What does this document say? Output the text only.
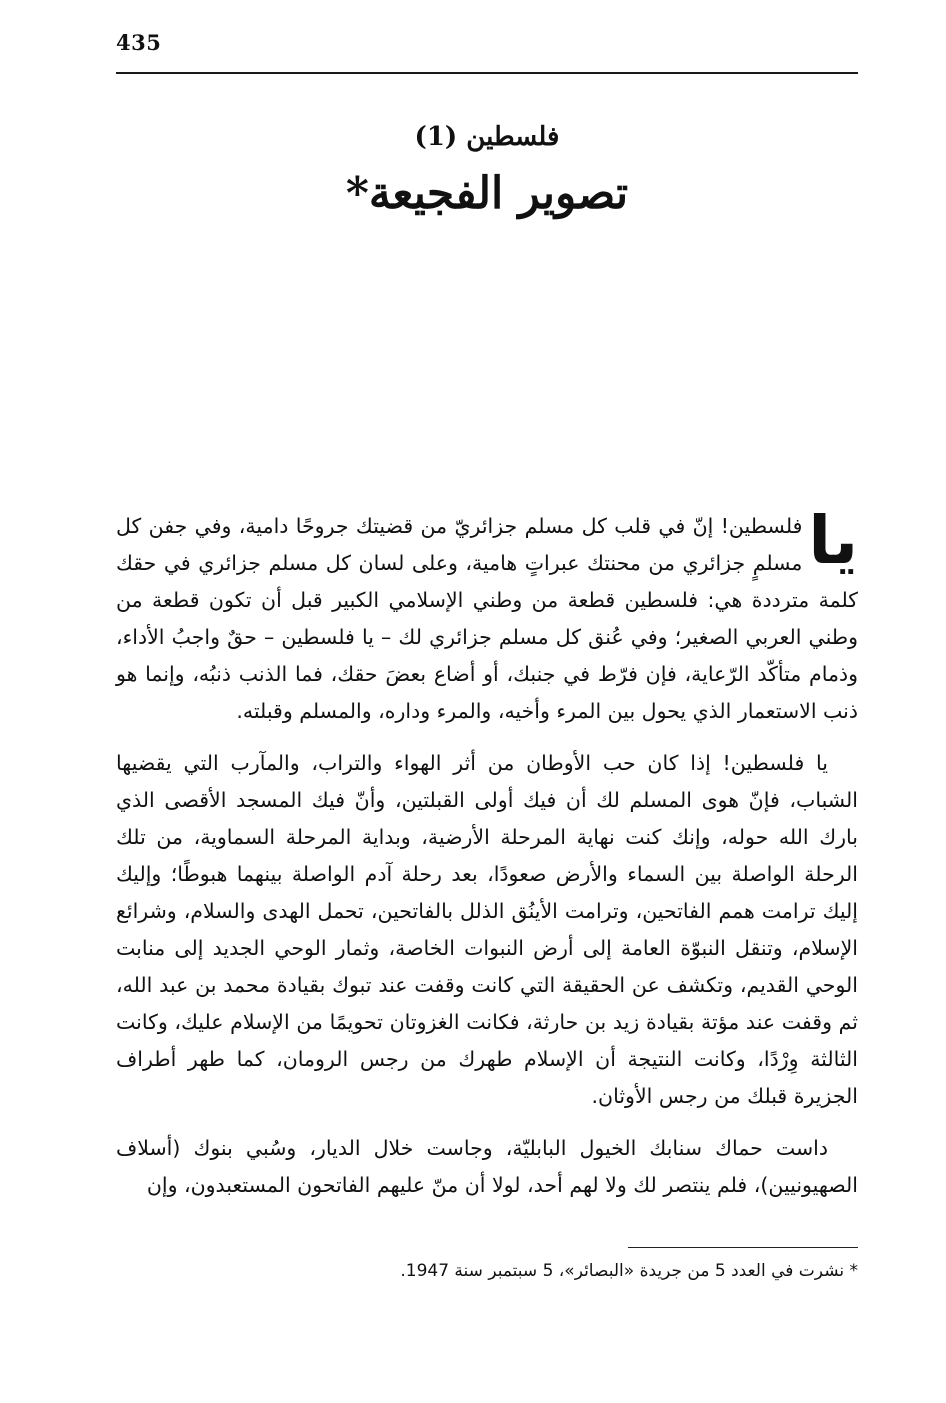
435
فلسطين (1)
تصوير الفجيعة*

يا
فلسطين! إنّ في قلب كل مسلم جزائريّ من قضيتك جروحًا دامية، وفي جفن كل مسلمٍ جزائري من محنتك عبراتٍ هامية، وعلى لسان كل مسلم جزائري في حقك كلمة مترددة هي: فلسطين قطعة من وطني الإسلامي الكبير قبل أن تكون قطعة من وطني العربي الصغير؛ وفي عُنق كل مسلم جزائري لك – يا فلسطين – حقٌ واجبُ الأداء، وذمام متأكّد الرّعاية، فإن فرّط في جنبك، أو أضاع بعضَ حقك، فما الذنب ذنبُه، وإنما هو ذنب الاستعمار الذي يحول بين المرء وأخيه، والمرء وداره، والمسلم وقبلته.

يا فلسطين! إذا كان حب الأوطان من أثر الهواء والتراب، والمآرب التي يقضيها الشباب، فإنّ هوى المسلم لك أن فيك أولى القبلتين، وأنّ فيك المسجد الأقصى الذي بارك الله حوله، وإنك كنت نهاية المرحلة الأرضية، وبداية المرحلة السماوية، من تلك الرحلة الواصلة بين السماء والأرض صعودًا، بعد رحلة آدم الواصلة بينهما هبوطًا؛ وإليك إليك ترامت همم الفاتحين، وترامت الأينُق الذلل بالفاتحين، تحمل الهدى والسلام، وشرائع الإسلام، وتنقل النبوّة العامة إلى أرض النبوات الخاصة، وثمار الوحي الجديد إلى منابت الوحي القديم، وتكشف عن الحقيقة التي كانت وقفت عند تبوك بقيادة محمد بن عبد الله، ثم وقفت عند مؤتة بقيادة زيد بن حارثة، فكانت الغزوتان تحويمًا من الإسلام عليك، وكانت الثالثة وِرْدًا، وكانت النتيجة أن الإسلام طهرك من رجس الرومان، كما طهر أطراف الجزيرة قبلك من رجس الأوثان.

داست حماك سنابك الخيول البابليّة، وجاست خلال الديار، وسُبي بنوك (أسلاف الصهيونيين)، فلم ينتصر لك ولا لهم أحد، لولا أن منّ عليهم الفاتحون المستعبدون، وإن

* نشرت في العدد 5 من جريدة «البصائر»، 5 سبتمبر سنة 1947.
